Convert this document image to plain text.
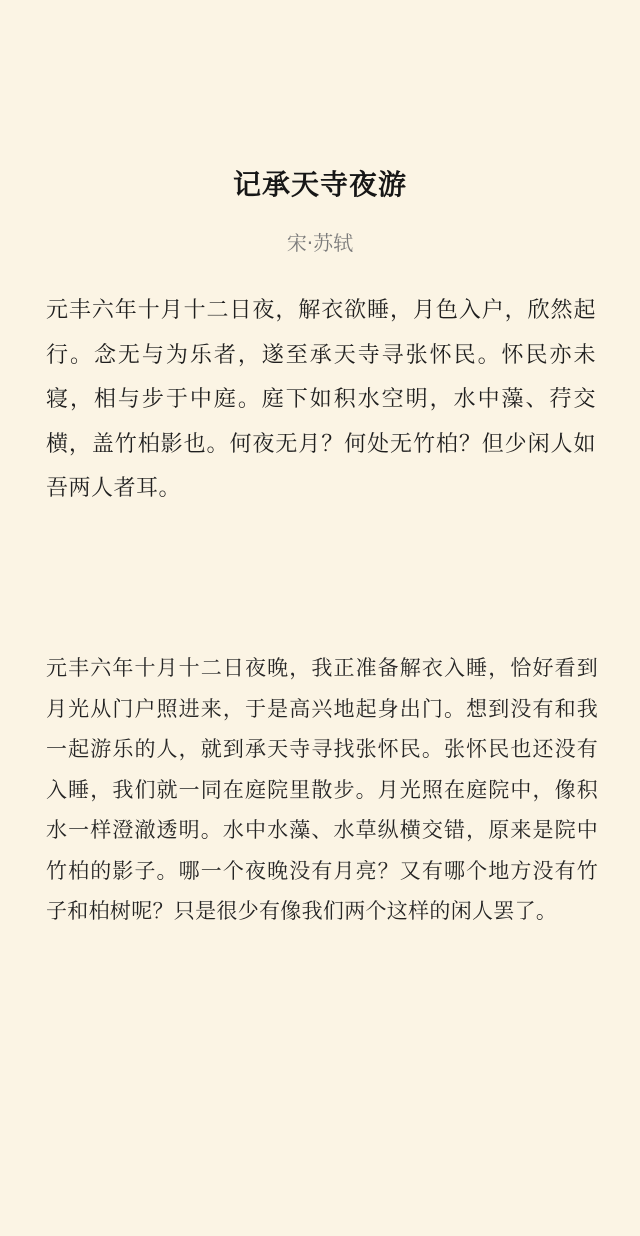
记承天寺夜游
宋·苏轼

元丰六年十月十二日夜，解衣欲睡，月色入户，欣然起行。念无与为乐者，遂至承天寺寻张怀民。怀民亦未寝，相与步于中庭。庭下如积水空明，水中藻、荇交横，盖竹柏影也。何夜无月？何处无竹柏？但少闲人如吾两人者耳。

元丰六年十月十二日夜晚，我正准备解衣入睡，恰好看到月光从门户照进来，于是高兴地起身出门。想到没有和我一起游乐的人，就到承天寺寻找张怀民。张怀民也还没有入睡，我们就一同在庭院里散步。月光照在庭院中，像积水一样澄澈透明。水中水藻、水草纵横交错，原来是院中竹柏的影子。哪一个夜晚没有月亮？又有哪个地方没有竹子和柏树呢？只是很少有像我们两个这样的闲人罢了。
